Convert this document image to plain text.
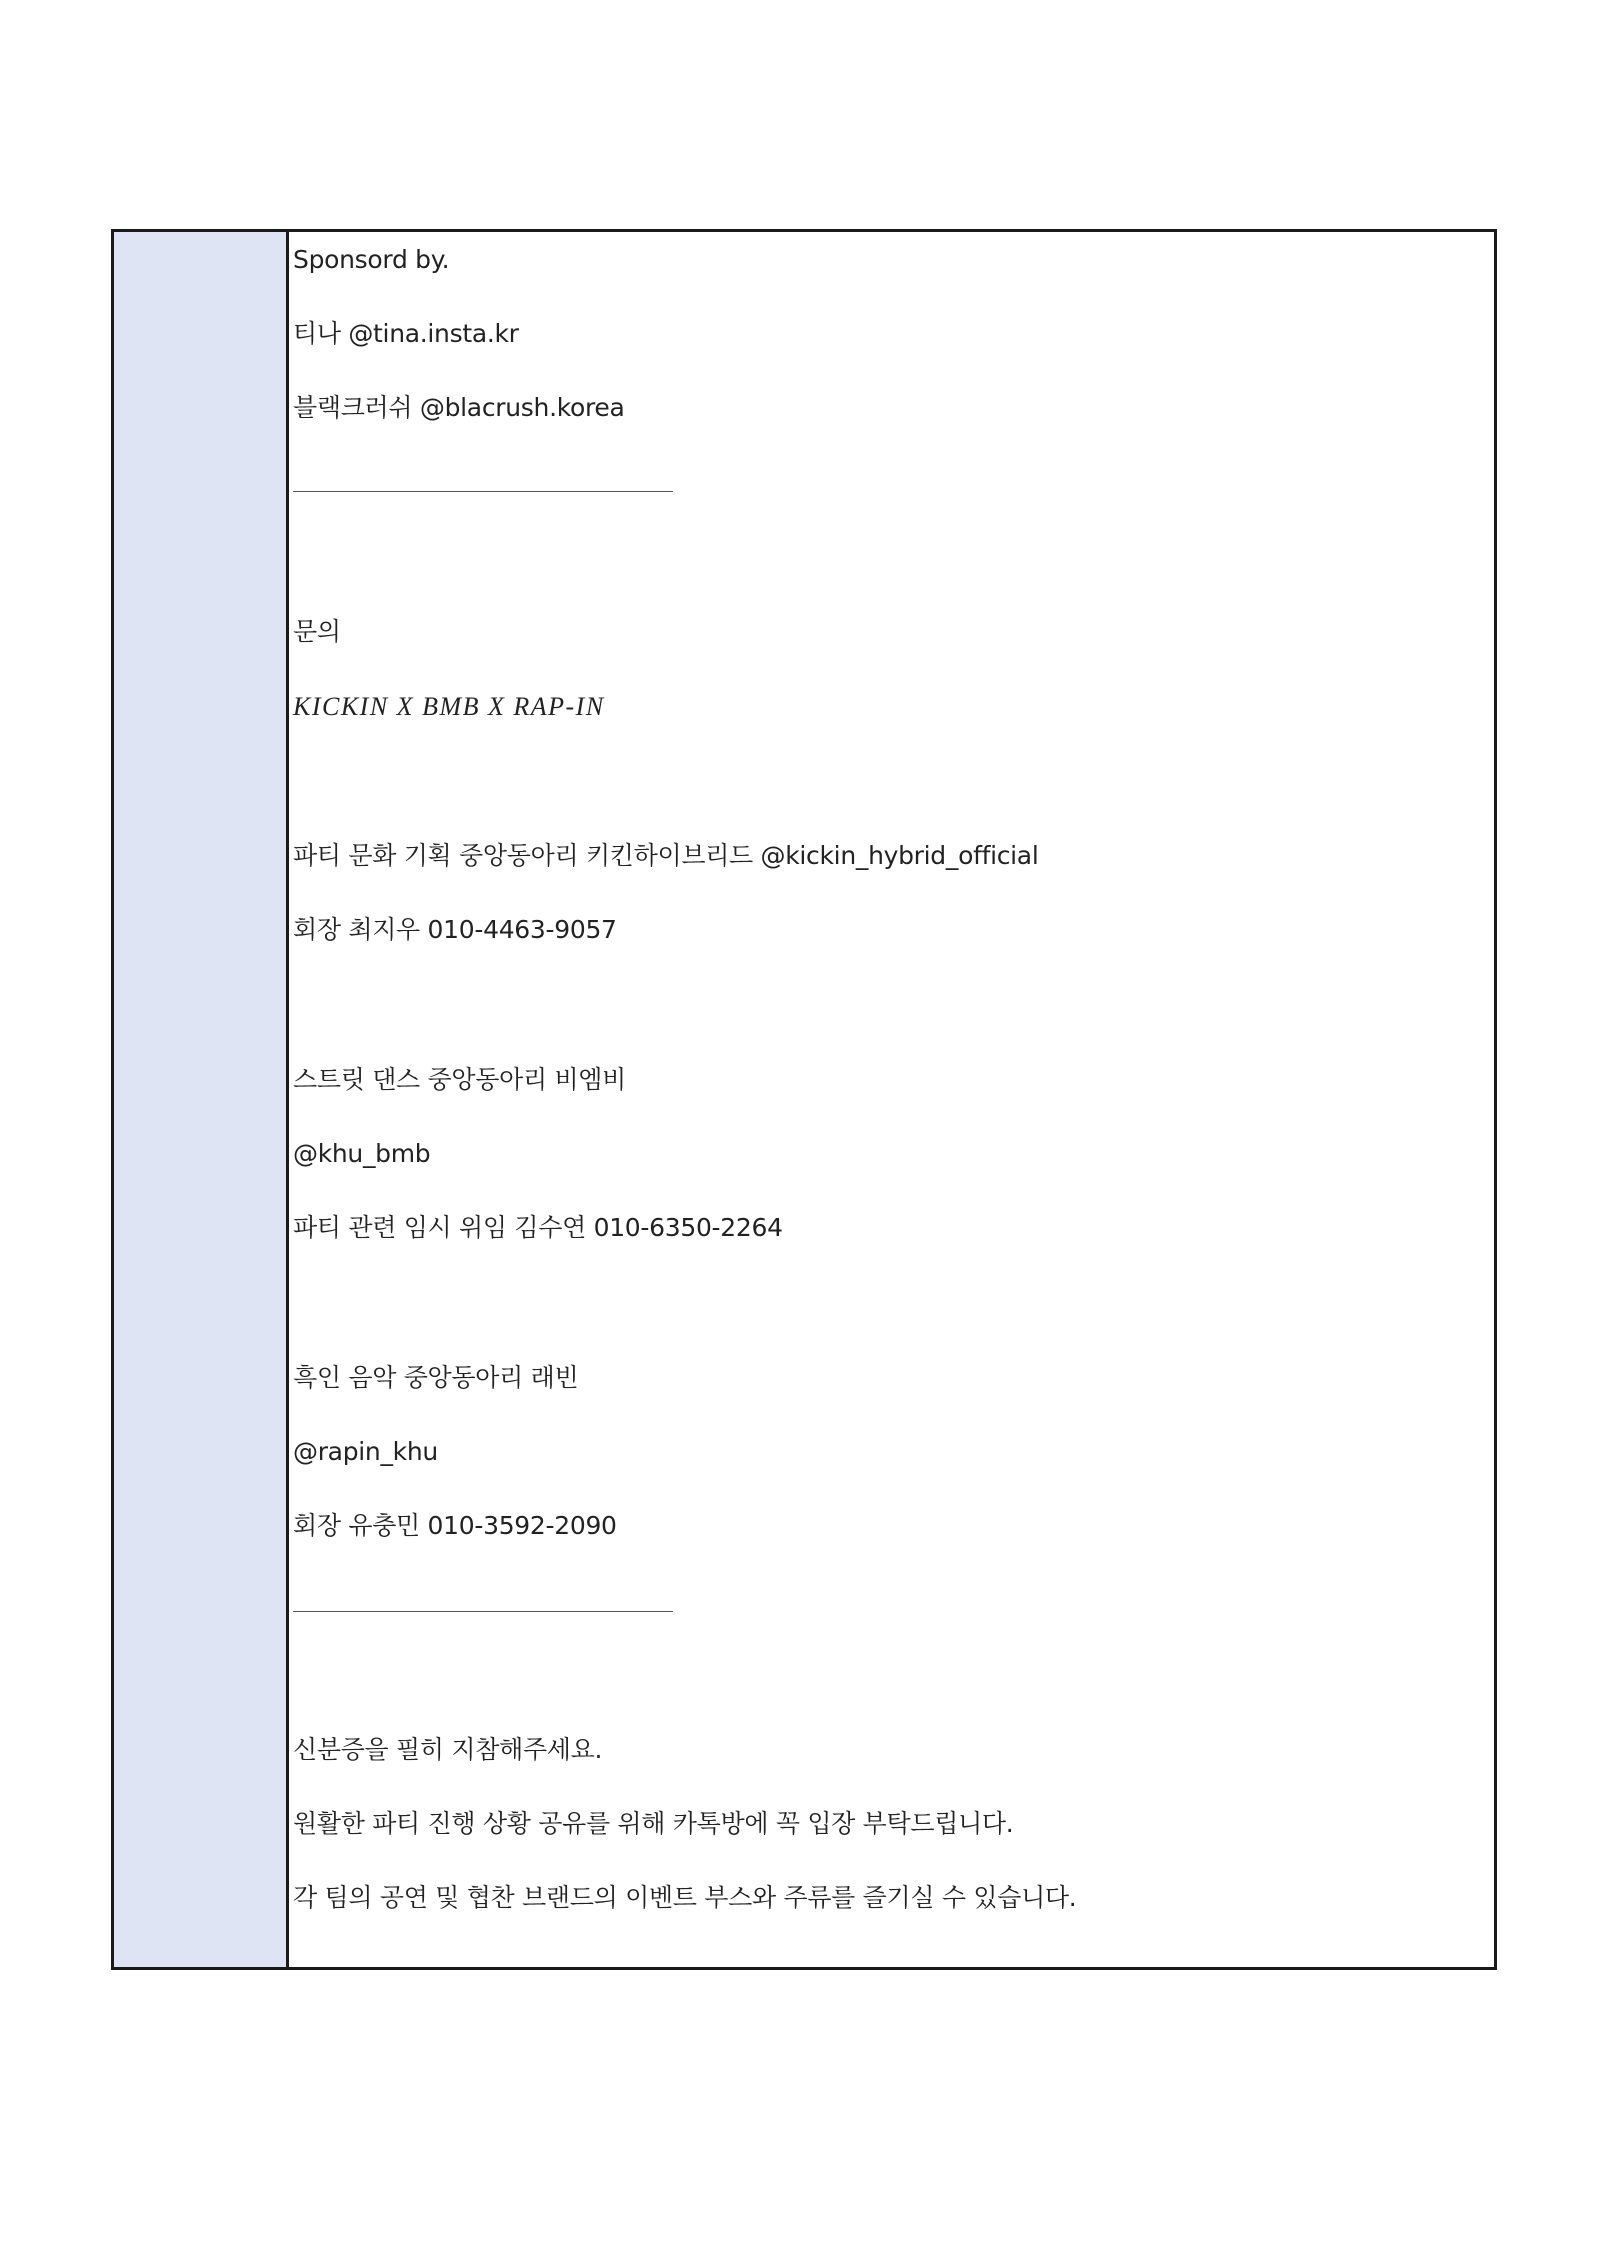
Sponsord by.
티나 @tina.insta.kr
블랙크러쉬 @blacrush.korea
문의
KICKIN X BMB X RAP-IN
파티 문화 기획 중앙동아리 키킨하이브리드 @kickin_hybrid_official
회장 최지우 010-4463-9057
스트릿 댄스 중앙동아리 비엠비
@khu_bmb
파티 관련 임시 위임 김수연 010-6350-2264
흑인 음악 중앙동아리 래빈
@rapin_khu
회장 유충민 010-3592-2090
신분증을 필히 지참해주세요.
원활한 파티 진행 상황 공유를 위해 카톡방에 꼭 입장 부탁드립니다.
각 팀의 공연 및 협찬 브랜드의 이벤트 부스와 주류를 즐기실 수 있습니다.
